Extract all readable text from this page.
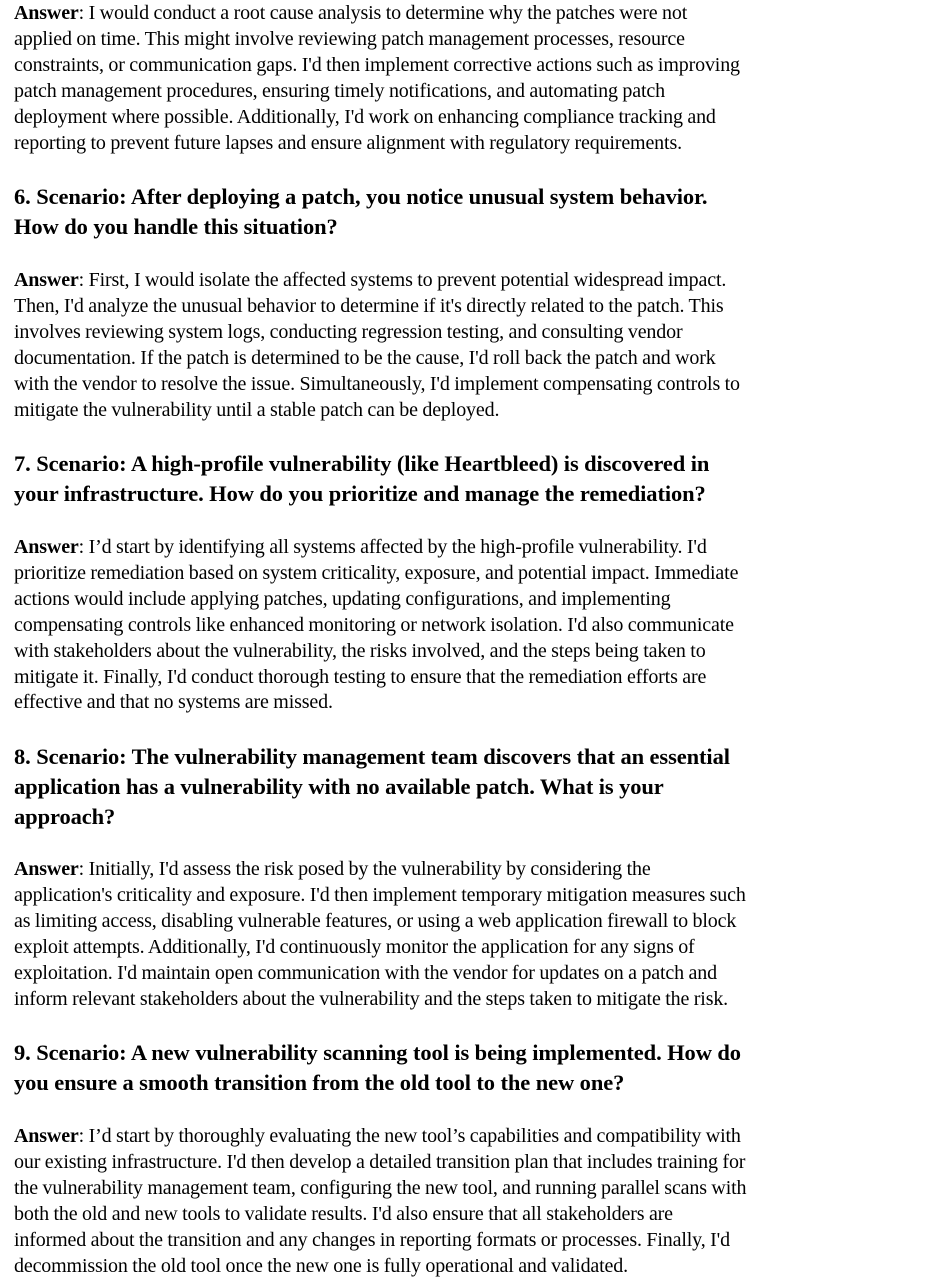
Answer: I would conduct a root cause analysis to determine why the patches were not
applied on time. This might involve reviewing patch management processes, resource
constraints, or communication gaps. I'd then implement corrective actions such as improving
patch management procedures, ensuring timely notifications, and automating patch
deployment where possible. Additionally, I'd work on enhancing compliance tracking and
reporting to prevent future lapses and ensure alignment with regulatory requirements.

6. Scenario: After deploying a patch, you notice unusual system behavior.
How do you handle this situation?

Answer: First, I would isolate the affected systems to prevent potential widespread impact.
Then, I'd analyze the unusual behavior to determine if it's directly related to the patch. This
involves reviewing system logs, conducting regression testing, and consulting vendor
documentation. If the patch is determined to be the cause, I'd roll back the patch and work
with the vendor to resolve the issue. Simultaneously, I'd implement compensating controls to
mitigate the vulnerability until a stable patch can be deployed.

7. Scenario: A high-profile vulnerability (like Heartbleed) is discovered in
your infrastructure. How do you prioritize and manage the remediation?

Answer: I’d start by identifying all systems affected by the high-profile vulnerability. I'd
prioritize remediation based on system criticality, exposure, and potential impact. Immediate
actions would include applying patches, updating configurations, and implementing
compensating controls like enhanced monitoring or network isolation. I'd also communicate
with stakeholders about the vulnerability, the risks involved, and the steps being taken to
mitigate it. Finally, I'd conduct thorough testing to ensure that the remediation efforts are
effective and that no systems are missed.

8. Scenario: The vulnerability management team discovers that an essential
application has a vulnerability with no available patch. What is your
approach?

Answer: Initially, I'd assess the risk posed by the vulnerability by considering the
application's criticality and exposure. I'd then implement temporary mitigation measures such
as limiting access, disabling vulnerable features, or using a web application firewall to block
exploit attempts. Additionally, I'd continuously monitor the application for any signs of
exploitation. I'd maintain open communication with the vendor for updates on a patch and
inform relevant stakeholders about the vulnerability and the steps taken to mitigate the risk.

9. Scenario: A new vulnerability scanning tool is being implemented. How do
you ensure a smooth transition from the old tool to the new one?

Answer: I’d start by thoroughly evaluating the new tool’s capabilities and compatibility with
our existing infrastructure. I'd then develop a detailed transition plan that includes training for
the vulnerability management team, configuring the new tool, and running parallel scans with
both the old and new tools to validate results. I'd also ensure that all stakeholders are
informed about the transition and any changes in reporting formats or processes. Finally, I'd
decommission the old tool once the new one is fully operational and validated.
